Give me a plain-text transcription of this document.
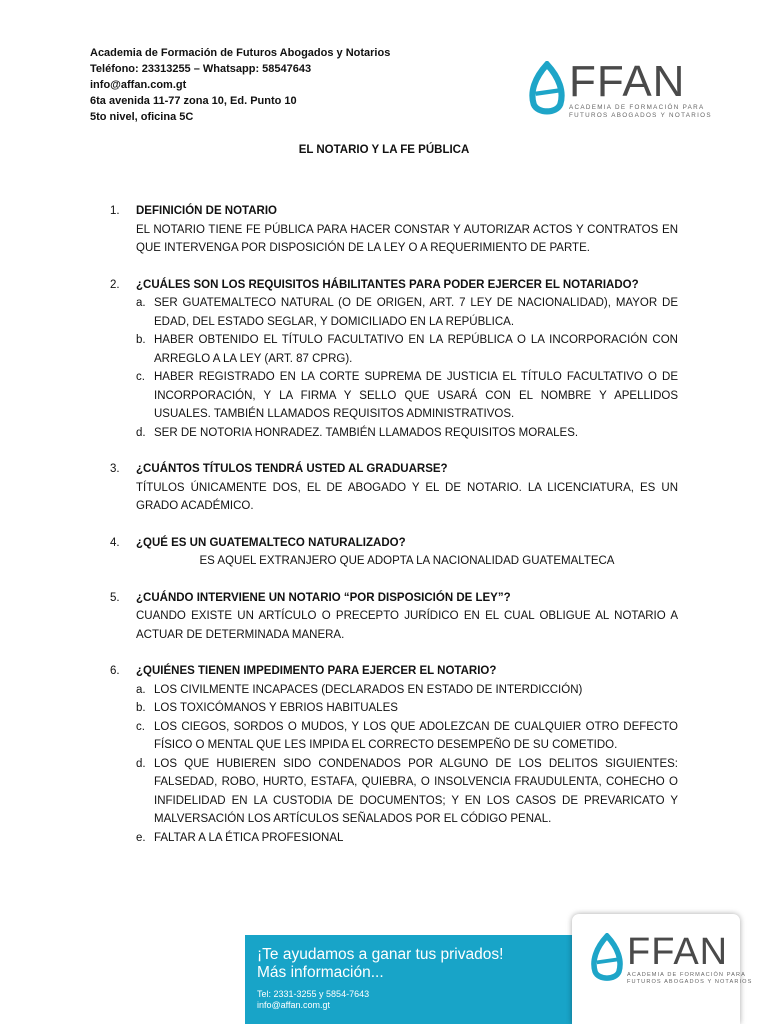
Academia de Formación de Futuros Abogados y Notarios
Teléfono: 23313255 – Whatsapp: 58547643
info@affan.com.gt
6ta avenida 11-77 zona 10, Ed. Punto 10
5to nivel, oficina 5C
FFAN
ACADEMIA DE FORMACIÓN PARA
FUTUROS ABOGADOS Y NOTARIOS
EL NOTARIO Y LA FE PÚBLICA
1. DEFINICIÓN DE NOTARIO
EL NOTARIO TIENE FE PÚBLICA PARA HACER CONSTAR Y AUTORIZAR ACTOS Y CONTRATOS EN QUE INTERVENGA POR DISPOSICIÓN DE LA LEY O A REQUERIMIENTO DE PARTE.
2. ¿CUÁLES SON LOS REQUISITOS HÁBILITANTES PARA PODER EJERCER EL NOTARIADO?
a. SER GUATEMALTECO NATURAL (O DE ORIGEN, ART. 7 LEY DE NACIONALIDAD), MAYOR DE EDAD, DEL ESTADO SEGLAR, Y DOMICILIADO EN LA REPÚBLICA.
b. HABER OBTENIDO EL TÍTULO FACULTATIVO EN LA REPÚBLICA O LA INCORPORACIÓN CON ARREGLO A LA LEY (ART. 87 CPRG).
c. HABER REGISTRADO EN LA CORTE SUPREMA DE JUSTICIA EL TÍTULO FACULTATIVO O DE INCORPORACIÓN, Y LA FIRMA Y SELLO QUE USARÁ CON EL NOMBRE Y APELLIDOS USUALES. TAMBIÉN LLAMADOS REQUISITOS ADMINISTRATIVOS.
d. SER DE NOTORIA HONRADEZ. TAMBIÉN LLAMADOS REQUISITOS MORALES.
3. ¿CUÁNTOS TÍTULOS TENDRÁ USTED AL GRADUARSE?
TÍTULOS ÚNICAMENTE DOS, EL DE ABOGADO Y EL DE NOTARIO. LA LICENCIATURA, ES UN GRADO ACADÉMICO.
4. ¿QUÉ ES UN GUATEMALTECO NATURALIZADO?
ES AQUEL EXTRANJERO QUE ADOPTA LA NACIONALIDAD GUATEMALTECA
5. ¿CUÁNDO INTERVIENE UN NOTARIO “POR DISPOSICIÓN DE LEY”?
CUANDO EXISTE UN ARTÍCULO O PRECEPTO JURÍDICO EN EL CUAL OBLIGUE AL NOTARIO A ACTUAR DE DETERMINADA MANERA.
6. ¿QUIÉNES TIENEN IMPEDIMENTO PARA EJERCER EL NOTARIO?
a. LOS CIVILMENTE INCAPACES (DECLARADOS EN ESTADO DE INTERDICCIÓN)
b. LOS TOXICÓMANOS Y EBRIOS HABITUALES
c. LOS CIEGOS, SORDOS O MUDOS, Y LOS QUE ADOLEZCAN DE CUALQUIER OTRO DEFECTO FÍSICO O MENTAL QUE LES IMPIDA EL CORRECTO DESEMPEÑO DE SU COMETIDO.
d. LOS QUE HUBIEREN SIDO CONDENADOS POR ALGUNO DE LOS DELITOS SIGUIENTES: FALSEDAD, ROBO, HURTO, ESTAFA, QUIEBRA, O INSOLVENCIA FRAUDULENTA, COHECHO O INFIDELIDAD EN LA CUSTODIA DE DOCUMENTOS; Y EN LOS CASOS DE PREVARICATO Y MALVERSACIÓN LOS ARTÍCULOS SEÑALADOS POR EL CÓDIGO PENAL.
e. FALTAR A LA ÉTICA PROFESIONAL
¡Te ayudamos a ganar tus privados!
Más información...
Tel: 2331-3255 y 5854-7643
info@affan.com.gt
FFAN
ACADEMIA DE FORMACIÓN PARA
FUTUROS ABOGADOS Y NOTARIOS
